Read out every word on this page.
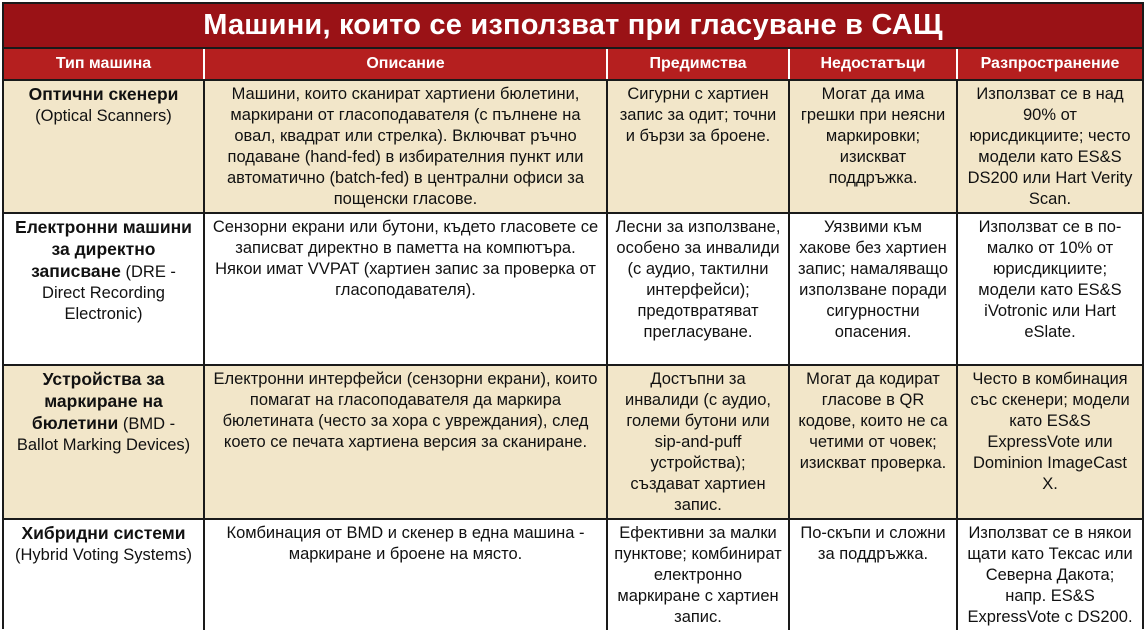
Машини, които се използват при гласуване в САЩ
Тип машина	Описание	Предимства	Недостатъци	Разпространение
Оптични скенери (Optical Scanners)	Машини, които сканират хартиени бюлетини, маркирани от гласоподавателя (с пълнене на овал, квадрат или стрелка). Включват ръчно подаване (hand-fed) в избирателния пункт или автоматично (batch-fed) в централни офиси за пощенски гласове.	Сигурни с хартиен запис за одит; точни и бързи за броене.	Могат да има грешки при неясни маркировки; изискват поддръжка.	Използват се в над 90% от юрисдикциите; често модели като ES&S DS200 или Hart Verity Scan.
Електронни машини за директно записване (DRE - Direct Recording Electronic)	Сензорни екрани или бутони, където гласовете се записват директно в паметта на компютъра. Някои имат VVPAT (хартиен запис за проверка от гласоподавателя).	Лесни за използване, особено за инвалиди (с аудио, тактилни интерфейси); предотвратяват прегласуване.	Уязвими към хакове без хартиен запис; намаляващо използване поради сигурностни опасения.	Използват се в по-малко от 10% от юрисдикциите; модели като ES&S iVotronic или Hart eSlate.
Устройства за маркиране на бюлетини (BMD - Ballot Marking Devices)	Електронни интерфейси (сензорни екрани), които помагат на гласоподавателя да маркира бюлетината (често за хора с увреждания), след което се печата хартиена версия за сканиране.	Достъпни за инвалиди (с аудио, големи бутони или sip-and-puff устройства); създават хартиен запис.	Могат да кодират гласове в QR кодове, които не са четими от човек; изискват проверка.	Често в комбинация със скенери; модели като ES&S ExpressVote или Dominion ImageCast X.
Хибридни системи (Hybrid Voting Systems)	Комбинация от BMD и скенер в една машина - маркиране и броене на място.	Ефективни за малки пунктове; комбинират електронно маркиране с хартиен запис.	По-скъпи и сложни за поддръжка.	Използват се в някои щати като Тексас или Северна Дакота; напр. ES&S ExpressVote с DS200.
